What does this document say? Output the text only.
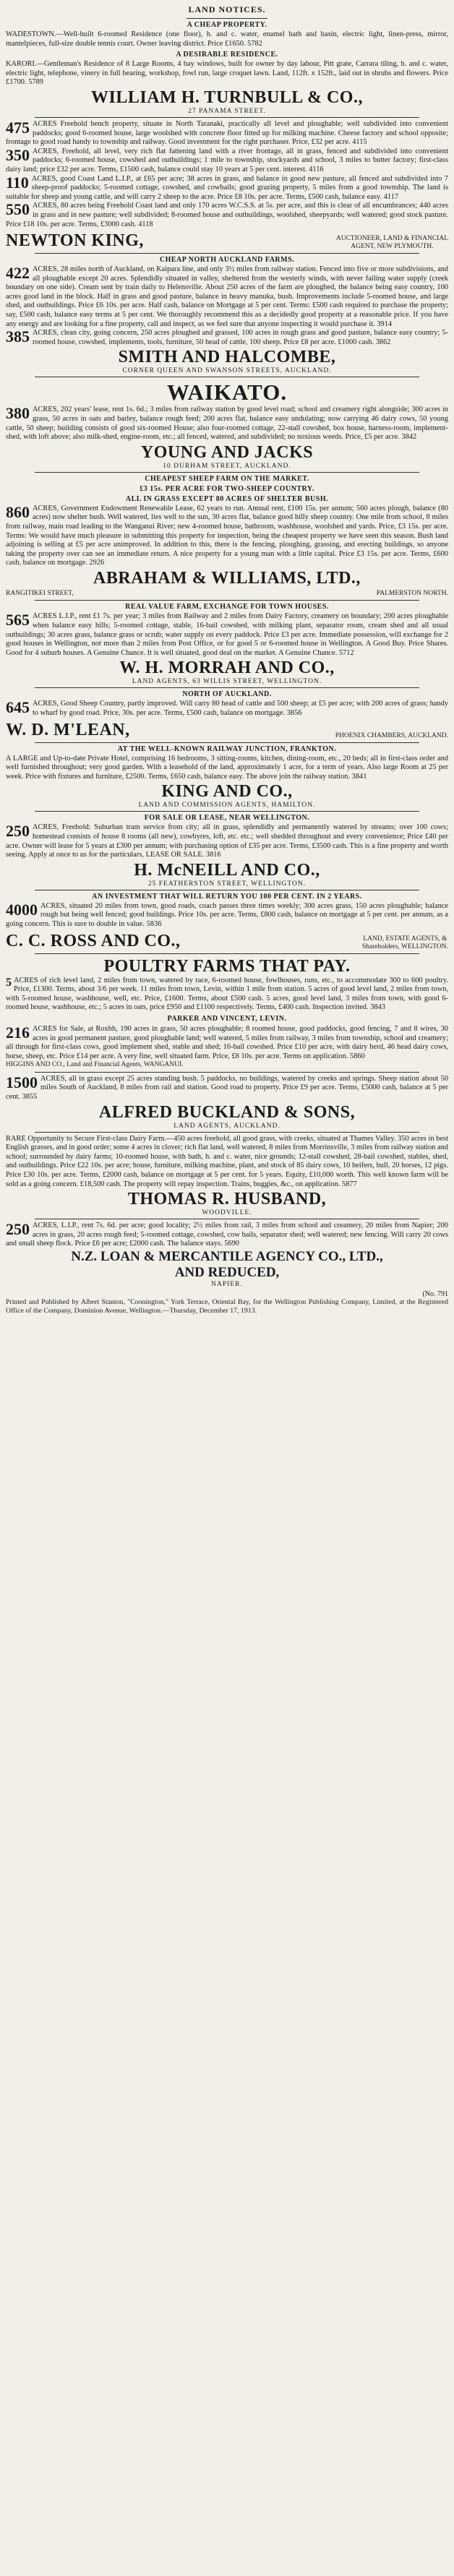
LAND NOTICES.
A CHEAP PROPERTY.

WADESTOWN.—Well-built 6-roomed Residence (one floor), h. and c. water, enamel bath and basin, electric light, linen-press, mirror, mantelpieces, full-size double tennis court. Owner leaving district. Price £1650. 5782

A DESIRABLE RESIDENCE.

KARORI.—Gentleman's Residence of 8 Large Rooms, 4 bay windows, built for owner by day labour, Pitt grate, Carrara tiling, h. and c. water, electric light, telephone, vinery in full bearing, workshop, fowl run, large croquet lawn. Land, 112ft. x 152ft., laid out in shrubs and flowers. Price £1700. 5789

WILLIAM H. TURNBULL & CO.,
27 PANAMA STREET.

475 ACRES Freehold bench property, situate in North Taranaki, practically all level and ploughable; well subdivided into convenient paddocks; good 6-roomed house, large woolshed with concrete floor fitted up for milking machine. Cheese factory and school opposite; frontage to good road handy to township and railway. Good investment for the right purchaser. Price, £32 per acre. 4115

350 ACRES, Freehold, all level, very rich flat fattening land with a river frontage, all in grass, fenced and subdivided into convenient paddocks; 6-roomed house, cowshed and outbuildings; 1 mile to township, stockyards and school, 3 miles to butter factory; first-class dairy land; price £32 per acre. Terms, £1500 cash, balance could stay 10 years at 5 per cent. interest. 4116

110 ACRES, good Coast Land L.I.P., at £65 per acre; 38 acres in grass, and balance in good new pasture, all fenced and subdivided into 7 sheep-proof paddocks; 5-roomed cottage, cowshed, and cowbails; good grazing property, 5 miles from a good township. The land is suitable for sheep and young cattle, and will carry 2 sheep to the acre. Price £8 10s. per acre. Terms, £500 cash, balance easy. 4117

550 ACRES, 80 acres being Freehold Coast land and only 170 acres W.C.S.S. at 5s. per acre, and this is clear of all encumbrances; 440 acres in grass and in new pasture; well subdivided; 8-roomed house and outbuildings, woolshed, sheepyards; well watered; good stock pasture. Price £18 10s. per acre. Terms, £3000 cash. 4118

NEWTON KING,	AUCTIONEER, LAND & FINANCIAL
AGENT, NEW PLYMOUTH.
CHEAP NORTH AUCKLAND FARMS.

422 ACRES, 28 miles north of Auckland, on Kaipara line, and only 3½ miles from railway station. Fenced into five or more subdivisions, and all ploughable except 20 acres. Splendidly situated in valley, sheltered from the westerly winds, with never failing water supply (creek boundary on one side). Cream sent by train daily to Helensville. About 250 acres of the farm are ploughed, the balance being easy country, 100 acres good land in the block. Half in grass and good pasture, balance in heavy manuka, bush. Improvements include 5-roomed house, and large shed, and outbuildings. Price £6 10s. per acre. Half cash, balance on Mortgage at 5 per cent. Terms: £500 cash required to purchase the property; say, £500 cash, balance easy terms at 5 per cent. We thoroughly recommend this as a decidedly good property at a reasonable price. If you have any energy and are looking for a fine property, call and inspect, as we feel sure that anyone inspecting it would purchase it. 3914

385 ACRES, clean city, going concern, 250 acres ploughed and grassed, 100 acres in rough grass and good pasture, balance easy country; 5-roomed house, cowshed, implements, tools, furniture, 50 head of cattle, 100 sheep. Price £8 per acre. £1000 cash. 3862

SMITH AND HALCOMBE,
CORNER QUEEN AND SWANSON STREETS, AUCKLAND.
WAIKATO.

380 ACRES, 202 years' lease, rent 1s. 6d.; 3 miles from railway station by good level road; school and creamery right alongside; 300 acres in grass, 50 acres in oats and barley, balance rough feed; 200 acres flat, balance easy undulating; now carrying 46 dairy cows, 50 young cattle, 50 sheep; building consists of good six-roomed House; also four-roomed cottage, 22-stall cowshed, box house, harness-room, implement-shed, with loft above; also milk-shed, engine-room, etc.; all fenced, watered, and subdivided; no noxious weeds. Price, £5 per acre. 3842

YOUNG AND JACKS
10 DURHAM STREET, AUCKLAND.
CHEAPEST SHEEP FARM ON THE MARKET.
£3 15s. PER ACRE FOR TWO-SHEEP COUNTRY.
ALL IN GRASS EXCEPT 80 ACRES OF SHELTER BUSH.

860 ACRES, Government Endowment Renewable Lease, 62 years to run. Annual rent, £100 15s. per annum; 560 acres plough, balance (80 acres) now shelter bush. Well watered, lies well to the sun, 30 acres flat, balance good hilly sheep country. One mile from school, 8 miles from railway, main road leading to the Wanganui River; new 4-roomed house, bathroom, washhouse, woolshed and yards. Price, £3 15s. per acre. Terms: We would have much pleasure in submitting this property for inspection, being the cheapest property we have seen this season. Bush land adjoining is selling at £5 per acre unimproved. In addition to this, there is the fencing, ploughing, grassing, and erecting buildings, so anyone taking the property over can see an immediate return. A nice property for a young man with a little capital. Price £3 15s. per acre. Terms, £600 cash, balance on mortgage. 2926

ABRAHAM & WILLIAMS, LTD.,
RANGITIKEI STREET,	PALMERSTON NORTH.
REAL VALUE FARM, EXCHANGE FOR TOWN HOUSES.

565 ACRES L.I.P., rent £1 7s. per year; 3 miles from Railway and 2 miles from Dairy Factory, creamery on boundary; 200 acres ploughable when balance easy hills; 5-roomed cottage, stable, 16-bail cowshed, with milking plant, separator room, cream shed and all usual outbuildings; 30 acres grass, balance grass or scrub; water supply on every paddock. Price £3 per acre. Immediate possession, will exchange for 2 good houses in Wellington, not more than 2 miles from Post Office, or for good 5 or 6-roomed house in Wellington. A Good Buy. Price Shares. Good for 4 suburb houses. A Genuine Chance. It is well situated, good deal on the market. A Genuine Chance. 5712

W. H. MORRAH AND CO.,
LAND AGENTS, 63 WILLIS STREET, WELLINGTON.
NORTH OF AUCKLAND.

645 ACRES, Good Sheep Country, partly improved. Will carry 80 head of cattle and 500 sheep; at £5 per acre; with 200 acres of grass; handy to wharf by good road. Price, 30s. per acre. Terms, £500 cash, balance on mortgage. 3856

W. D. M'LEAN,	PHOENIX CHAMBERS, AUCKLAND.
AT THE WELL-KNOWN RAILWAY JUNCTION, FRANKTON.

A LARGE and Up-to-date Private Hotel, comprising 16 bedrooms, 3 sitting-rooms, kitchen, dining-room, etc., 20 beds; all in first-class order and well furnished throughout; very good garden. With a leasehold of the land, approximately 1 acre, for a term of years. Also large Room at 25 per week. Price with fixtures and furniture, £2500. Terms, £650 cash, balance easy. The above join the railway station. 3841

KING AND CO.,
LAND AND COMMISSION AGENTS, HAMILTON.
FOR SALE OR LEASE, NEAR WELLINGTON.

250 ACRES, Freehold: Suburban tram service from city; all in grass, splendidly and permanently watered by streams; over 100 cows; homestead consists of house 8 rooms (all new), cowbyres, loft, etc. etc.; well shedded throughout and every convenience; Price £40 per acre. Owner will lease for 5 years at £300 per annum; with purchasing option of £35 per acre. Terms, £3500 cash. This is a fine property and worth seeing. Apply at once to us for the particulars, LEASE OR SALE. 3816

H. McNEILL AND CO.,
25 FEATHERSTON STREET, WELLINGTON.
AN INVESTMENT THAT WILL RETURN YOU 100 PER CENT. IN 2 YEARS.

4000 ACRES, situated 20 miles from town, good roads, coach passes three times weekly; 300 acres grass, 150 acres ploughable; balance rough but being well fenced; good buildings. Price 10s. per acre. Terms, £800 cash, balance on mortgage at 5 per cent. per annum, as a going concern. This is sure to double in value. 5836

C. C. ROSS AND CO.,	LAND, ESTATE AGENTS, &
Shareholders, WELLINGTON.
POULTRY FARMS THAT PAY.

5 ACRES of rich level land, 2 miles from town, watered by race, 6-roomed house, fowlhouses, runs, etc., to accommodate 300 to 600 poultry. Price, £1300. Terms, about 3/6 per week. 11 miles from town, Levin, within 1 mile from station. 5 acres of good level land, 2 miles from town, with 5-roomed house, washhouse, well, etc. Price, £1600. Terms, about £500 cash. 5 acres, good level land, 3 miles from town, with good 6-roomed house, washhouse, etc.; 5 acres in oats, price £950 and £1100 respectively. Terms, £400 cash. Inspection invited. 3843

PARKER AND VINCENT, LEVIN.

216 ACRES for Sale, at Roxbh, 190 acres in grass, 50 acres ploughable; 8 roomed house, good paddocks, good fencing, 7 and 8 wires, 30 acres in good permanent pasture, good ploughable land; well watered, 5 miles from railway, 3 miles from township, school and creamery; all through for first-class cows, good implement shed, stable and shed; 16-bail cowshed. Price £10 per acre, with dairy herd, 46 head dairy cows, horse, sheep, etc. Price £14 per acre. A very fine, well situated farm. Price, £8 10s. per acre. Terms on application. 5860

HIGGINS AND CO., Land and Financial Agents, WANGANUI.

1500 ACRES, all in grass except 25 acres standing bush. 5 paddocks, no buildings, watered by creeks and springs. Sheep station about 50 miles South of Auckland, 8 miles from rail and station. Good road to property. Price £9 per acre. Terms, £5000 cash, balance at 5 per cent. 3855

ALFRED BUCKLAND & SONS,
LAND AGENTS, AUCKLAND.

RARE Opportunity to Secure First-class Dairy Farm.—450 acres freehold, all good grass, with creeks, situated at Thames Valley. 350 acres in best English grasses, and in good order; some 4 acres in clover; rich flat land, well watered, 8 miles from Morrinsville, 3 miles from railway station and school; surrounded by dairy farms; 10-roomed house, with bath, h. and c. water, nice grounds; 12-stall cowshed, 28-bail cowshed, stables, shed, and outbuildings. Price £22 10s. per acre; house, furniture, milking machine, plant, and stock of 85 dairy cows, 10 heifers, bull, 20 horses, 12 pigs. Price £30 10s. per acre. Terms, £2000 cash, balance on mortgage at 5 per cent. for 5 years. Equity, £10,000 worth. This well known farm will be sold as a going concern. £18,500 cash. The property will repay inspection. Trains, buggies, &c., on application. 5877

THOMAS R. HUSBAND,
WOODVILLE.

250 ACRES, L.I.P., rent 7s. 6d. per acre; good locality; 2½ miles from rail, 3 miles from school and creamery, 20 miles from Napier; 200 acres in grass, 20 acres rough feed; 5-roomed cottage, cowshed, cow bails, separator shed; well watered; new fencing. Will carry 20 cows and small sheep flock. Price £6 per acre; £2000 cash. The balance stays. 5690

N.Z. LOAN & MERCANTILE AGENCY CO., LTD.,
AND REDUCED,
NAPIER.
(No. 791

Printed and Published by Albert Stanton, "Coonington," York Terrace, Oriental Bay, for the Wellington Publishing Company, Limited, at the Registered Office of the Company, Dominion Avenue, Wellington.—Thursday, December 17, 1913.
